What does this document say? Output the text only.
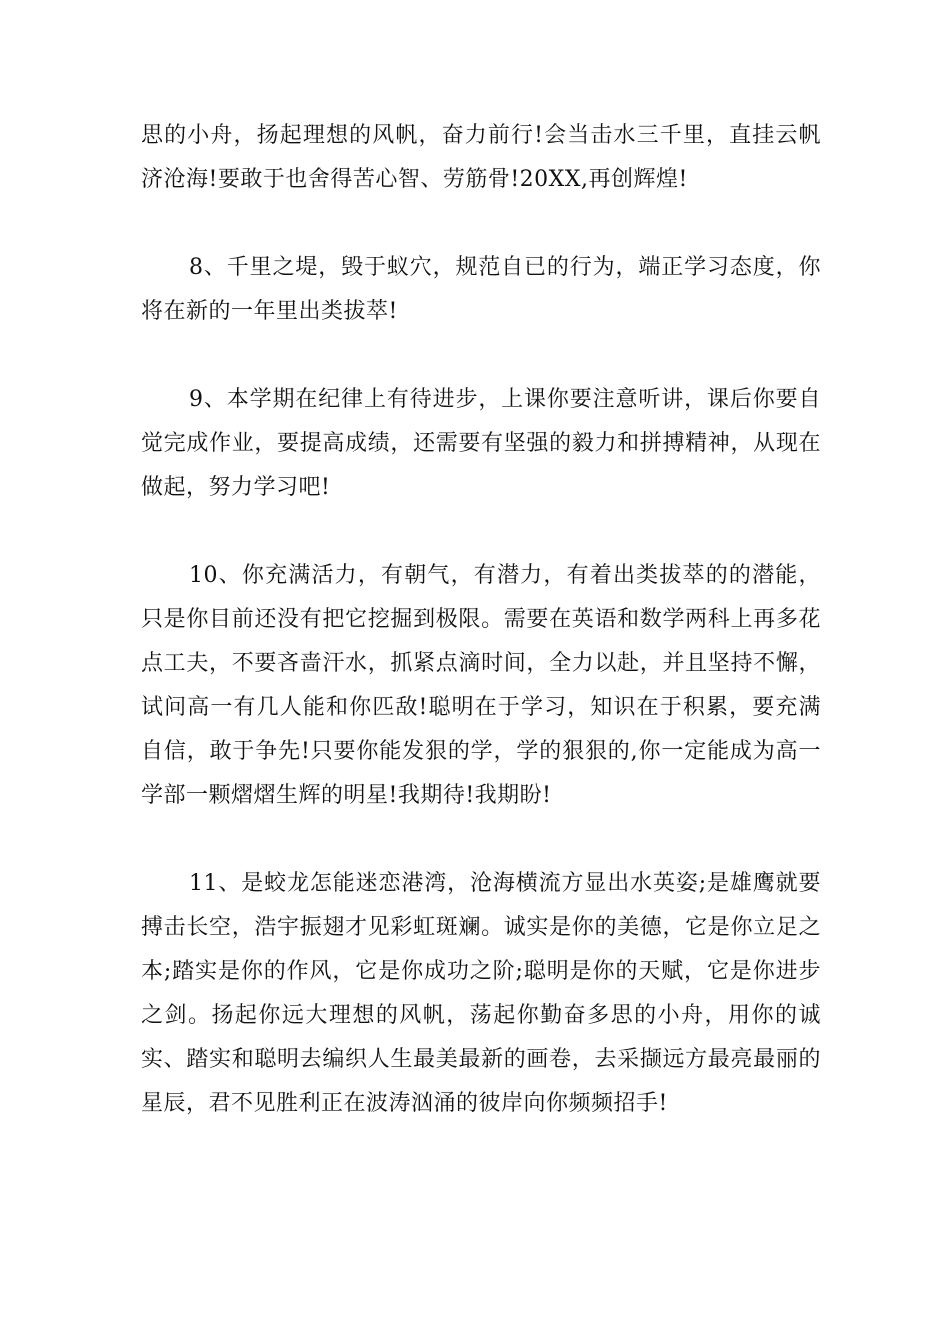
思的小舟，扬起理想的风帆，奋力前行!会当击水三千里，直挂云帆济沧海!要敢于也舍得苦心智、劳筋骨!20XX,再创辉煌!

8、千里之堤，毁于蚁穴，规范自已的行为，端正学习态度，你将在新的一年里出类拔萃!

9、本学期在纪律上有待进步，上课你要注意听讲，课后你要自觉完成作业，要提高成绩，还需要有坚强的毅力和拼搏精神，从现在做起，努力学习吧!

10、你充满活力，有朝气，有潜力，有着出类拔萃的的潜能，只是你目前还没有把它挖掘到极限。需要在英语和数学两科上再多花点工夫，不要吝啬汗水，抓紧点滴时间，全力以赴，并且坚持不懈，试问高一有几人能和你匹敌!聪明在于学习，知识在于积累，要充满自信，敢于争先!只要你能发狠的学，学的狠狠的,你一定能成为高一学部一颗熠熠生辉的明星!我期待!我期盼!

11、是蛟龙怎能迷恋港湾，沧海横流方显出水英姿;是雄鹰就要搏击长空，浩宇振翅才见彩虹斑斓。诚实是你的美德，它是你立足之本;踏实是你的作风，它是你成功之阶;聪明是你的天赋，它是你进步之剑。扬起你远大理想的风帆，荡起你勤奋多思的小舟，用你的诚实、踏实和聪明去编织人生最美最新的画卷，去采撷远方最亮最丽的星辰，君不见胜利正在波涛汹涌的彼岸向你频频招手!
